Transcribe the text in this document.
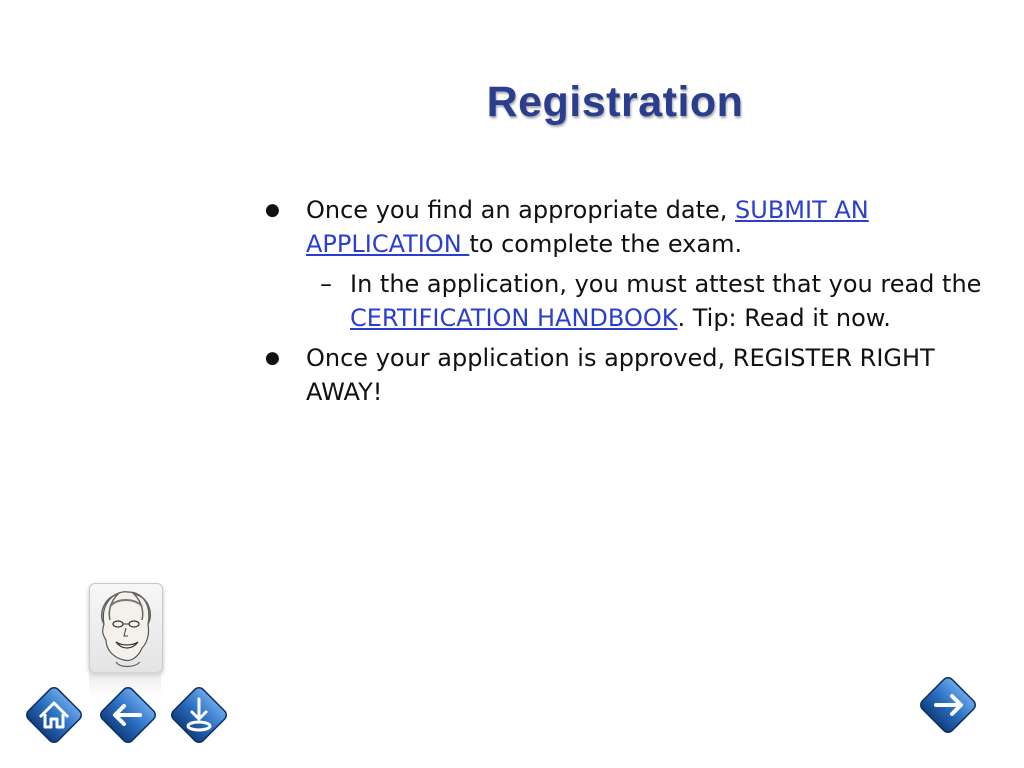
Registration
● Once you find an appropriate date, SUBMIT AN APPLICATION to complete the exam.
– In the application, you must attest that you read the CERTIFICATION HANDBOOK. Tip: Read it now.
● Once your application is approved, REGISTER RIGHT AWAY!
